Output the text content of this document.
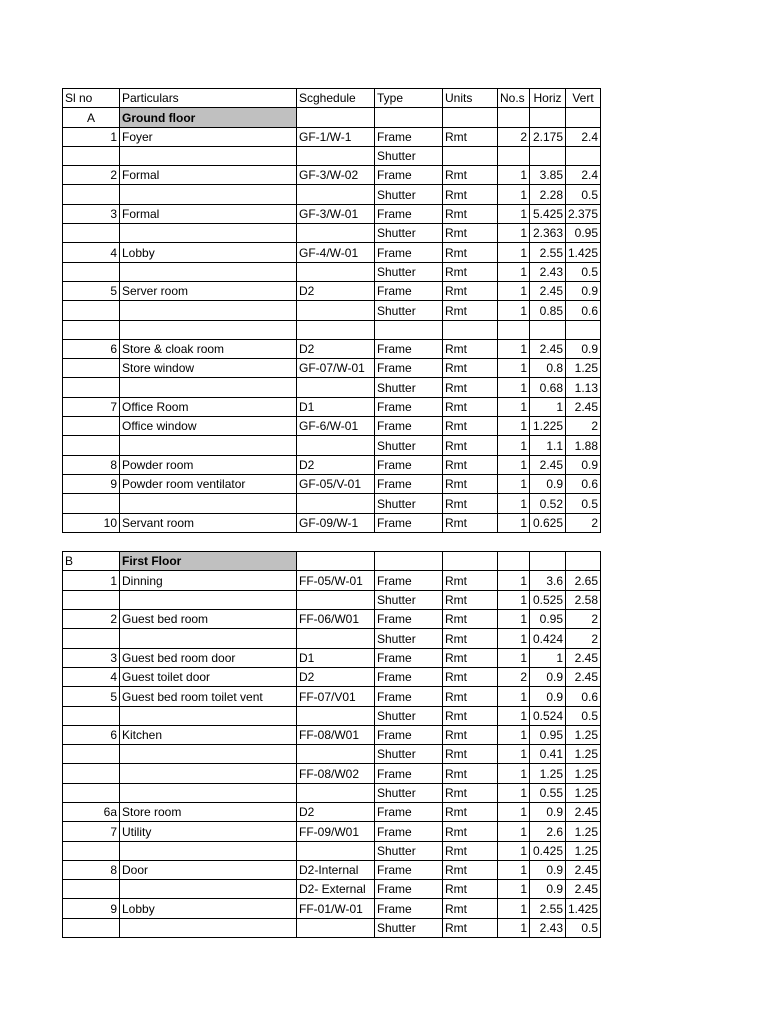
Sl no	Particulars	Scghedule	Type	Units	No.s	Horiz	Vert
A	Ground floor						
1	Foyer	GF-1/W-1	Frame	Rmt	2	2.175	2.4
			Shutter				
2	Formal	GF-3/W-02	Frame	Rmt	1	3.85	2.4
			Shutter	Rmt	1	2.28	0.5
3	Formal	GF-3/W-01	Frame	Rmt	1	5.425	2.375
			Shutter	Rmt	1	2.363	0.95
4	Lobby	GF-4/W-01	Frame	Rmt	1	2.55	1.425
			Shutter	Rmt	1	2.43	0.5
5	Server room	D2	Frame	Rmt	1	2.45	0.9
			Shutter	Rmt	1	0.85	0.6

6	Store & cloak room	D2	Frame	Rmt	1	2.45	0.9
	Store window	GF-07/W-01	Frame	Rmt	1	0.8	1.25
			Shutter	Rmt	1	0.68	1.13
7	Office Room	D1	Frame	Rmt	1	1	2.45
	Office window	GF-6/W-01	Frame	Rmt	1	1.225	2
			Shutter	Rmt	1	1.1	1.88
8	Powder room	D2	Frame	Rmt	1	2.45	0.9
9	Powder room ventilator	GF-05/V-01	Frame	Rmt	1	0.9	0.6
			Shutter	Rmt	1	0.52	0.5
10	Servant room	GF-09/W-1	Frame	Rmt	1	0.625	2

B	First Floor						
1	Dinning	FF-05/W-01	Frame	Rmt	1	3.6	2.65
			Shutter	Rmt	1	0.525	2.58
2	Guest bed room	FF-06/W01	Frame	Rmt	1	0.95	2
			Shutter	Rmt	1	0.424	2
3	Guest bed room door	D1	Frame	Rmt	1	1	2.45
4	Guest toilet door	D2	Frame	Rmt	2	0.9	2.45
5	Guest bed room toilet vent	FF-07/V01	Frame	Rmt	1	0.9	0.6
			Shutter	Rmt	1	0.524	0.5
6	Kitchen	FF-08/W01	Frame	Rmt	1	0.95	1.25
			Shutter	Rmt	1	0.41	1.25
		FF-08/W02	Frame	Rmt	1	1.25	1.25
			Shutter	Rmt	1	0.55	1.25
6a	Store room	D2	Frame	Rmt	1	0.9	2.45
7	Utility	FF-09/W01	Frame	Rmt	1	2.6	1.25
			Shutter	Rmt	1	0.425	1.25
8	Door	D2-Internal	Frame	Rmt	1	0.9	2.45
		D2- External	Frame	Rmt	1	0.9	2.45
9	Lobby	FF-01/W-01	Frame	Rmt	1	2.55	1.425
			Shutter	Rmt	1	2.43	0.5
